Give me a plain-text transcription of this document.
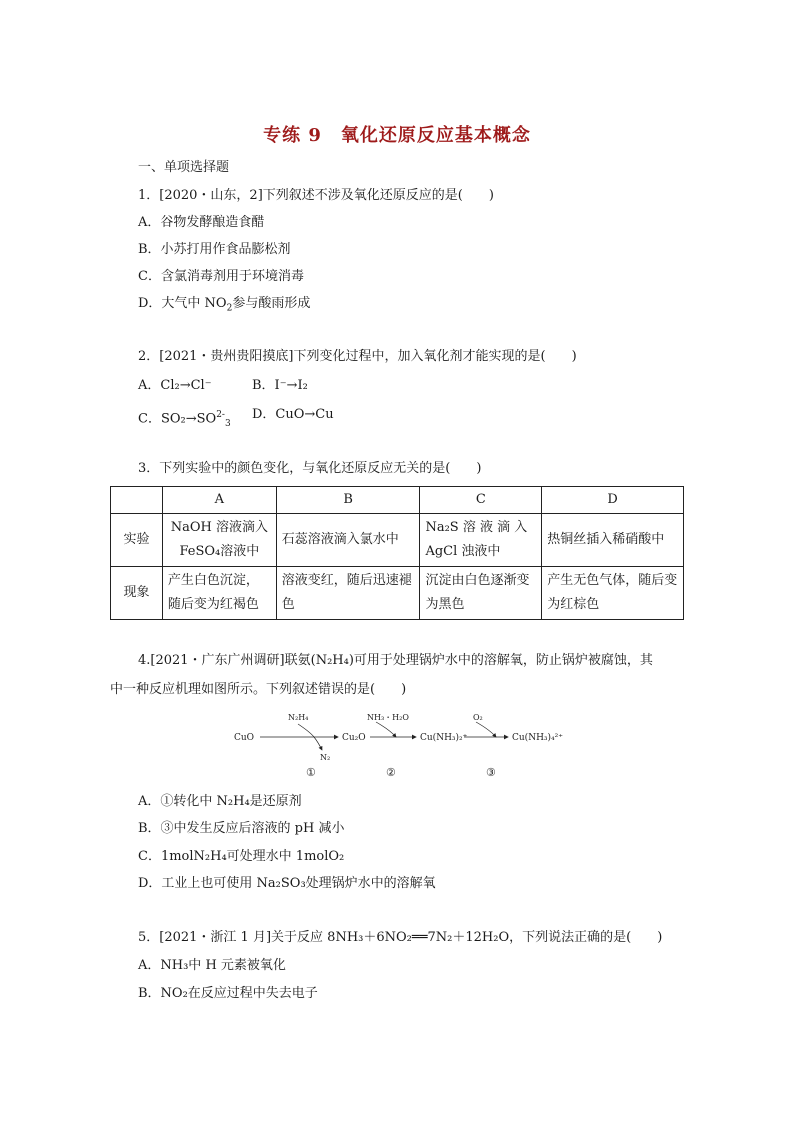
专练 9　氧化还原反应基本概念
一、单项选择题
1．[2020・山东，2]下列叙述不涉及氧化还原反应的是(　　)
A．谷物发酵酿造食醋
B．小苏打用作食品膨松剂
C．含氯消毒剂用于环境消毒
D．大气中 $NO_2$参与酸雨形成
2．[2021・贵州贵阳摸底]下列变化过程中，加入氧化剂才能实现的是(　　)
A．Cl₂→Cl⁻	B．I⁻→I₂
C．$SO_2\to SO^{2-}_3$
D．CuO→Cu
3．下列实验中的颜色变化，与氧化还原反应无关的是(　　)
	A	B	C	D
实验	NaOH 溶液滴入 FeSO₄溶液中	石蕊溶液滴入氯水中	Na₂S 溶 液 滴 入 AgCl 浊液中	热铜丝插入稀硝酸中
现象	产生白色沉淀，随后变为红褐色	溶液变红，随后迅速褪色	沉淀由白色逐渐变为黑色	产生无色气体，随后变为红棕色
4.[2021・广东广州调研]联氨(N₂H₄)可用于处理锅炉水中的溶解氧，防止锅炉被腐蚀，其
中一种反应机理如图所示。下列叙述错误的是(　　)
CuO	Cu₂O	Cu(NH₃)₂⁺	Cu(NH₃)₄²⁺
N₂H₄
N₂
NH₃・H₂O	O₂
①	②	③
A．①转化中 N₂H₄是还原剂
B．③中发生反应后溶液的 pH 减小
C．1molN₂H₄可处理水中 1molO₂
D．工业上也可使用 Na₂SO₃处理锅炉水中的溶解氧
5．[2021・浙江 1 月]关于反应 8NH₃＋6NO₂══7N₂＋12H₂O，下列说法正确的是(　　)
A．NH₃中 H 元素被氧化
B．NO₂在反应过程中失去电子
